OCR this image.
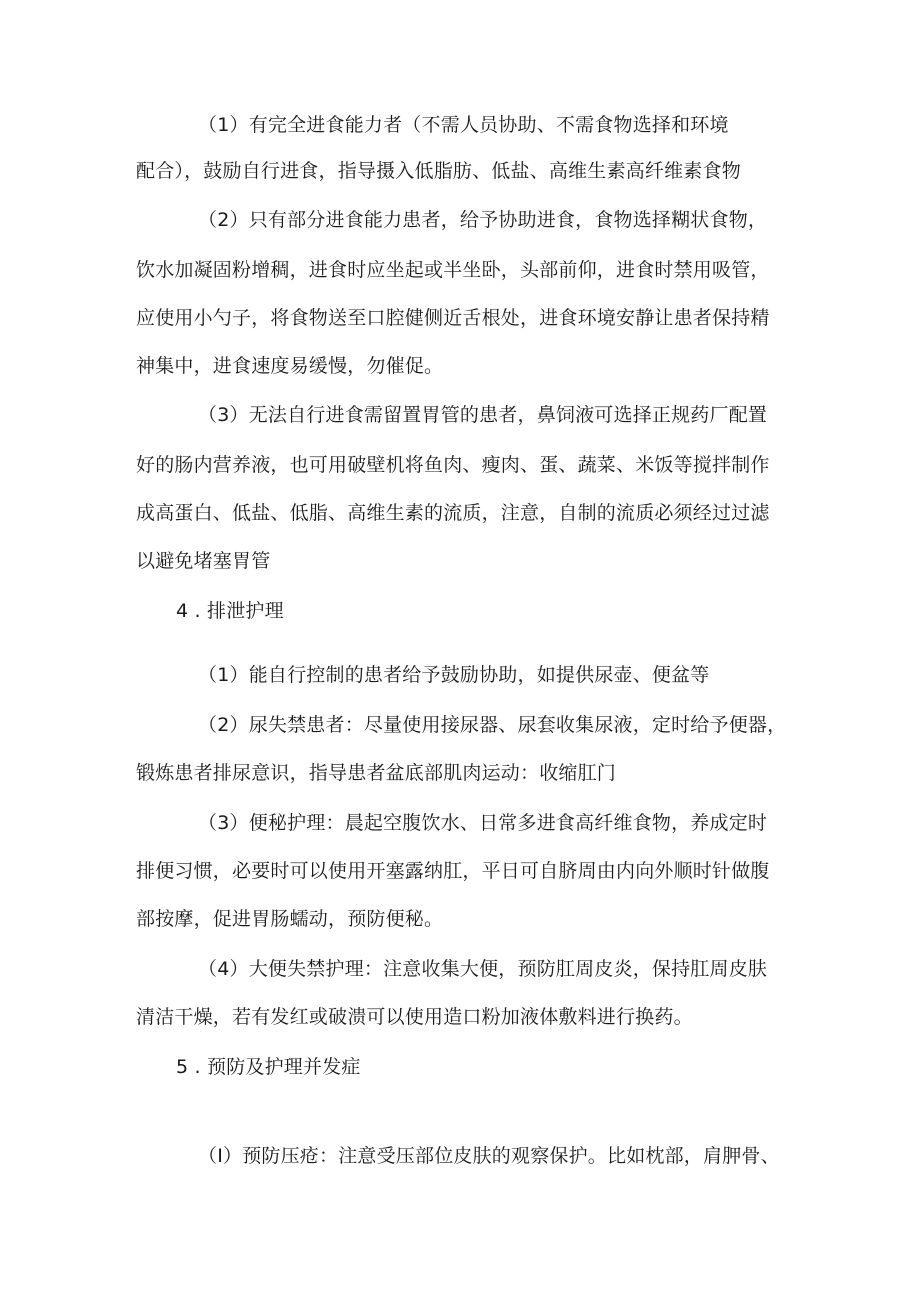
（1）有完全进食能力者（不需人员协助、不需食物选择和环境
配合），鼓励自行进食，指导摄入低脂肪、低盐、高维生素高纤维素食物
（2）只有部分进食能力患者，给予协助进食，食物选择糊状食物，
饮水加凝固粉增稠，进食时应坐起或半坐卧，头部前仰，进食时禁用吸管，
应使用小勺子，将食物送至口腔健侧近舌根处，进食环境安静让患者保持精
神集中，进食速度易缓慢，勿催促。
（3）无法自行进食需留置胃管的患者，鼻饲液可选择正规药厂配置
好的肠内营养液，也可用破壁机将鱼肉、瘦肉、蛋、蔬菜、米饭等搅拌制作
成高蛋白、低盐、低脂、高维生素的流质，注意，自制的流质必须经过过滤
以避免堵塞胃管
4 . 排泄护理
（1）能自行控制的患者给予鼓励协助，如提供尿壶、便盆等
（2）尿失禁患者：尽量使用接尿器、尿套收集尿液，定时给予便器，
锻炼患者排尿意识，指导患者盆底部肌肉运动：收缩肛门
（3）便秘护理：晨起空腹饮水、日常多进食高纤维食物，养成定时
排便习惯，必要时可以使用开塞露纳肛，平日可自脐周由内向外顺时针做腹
部按摩，促进胃肠蠕动，预防便秘。
（4）大便失禁护理：注意收集大便，预防肛周皮炎，保持肛周皮肤
清洁干燥，若有发红或破溃可以使用造口粉加液体敷料进行换药。
5 . 预防及护理并发症
（I）预防压疮：注意受压部位皮肤的观察保护。比如枕部，肩胛骨、
